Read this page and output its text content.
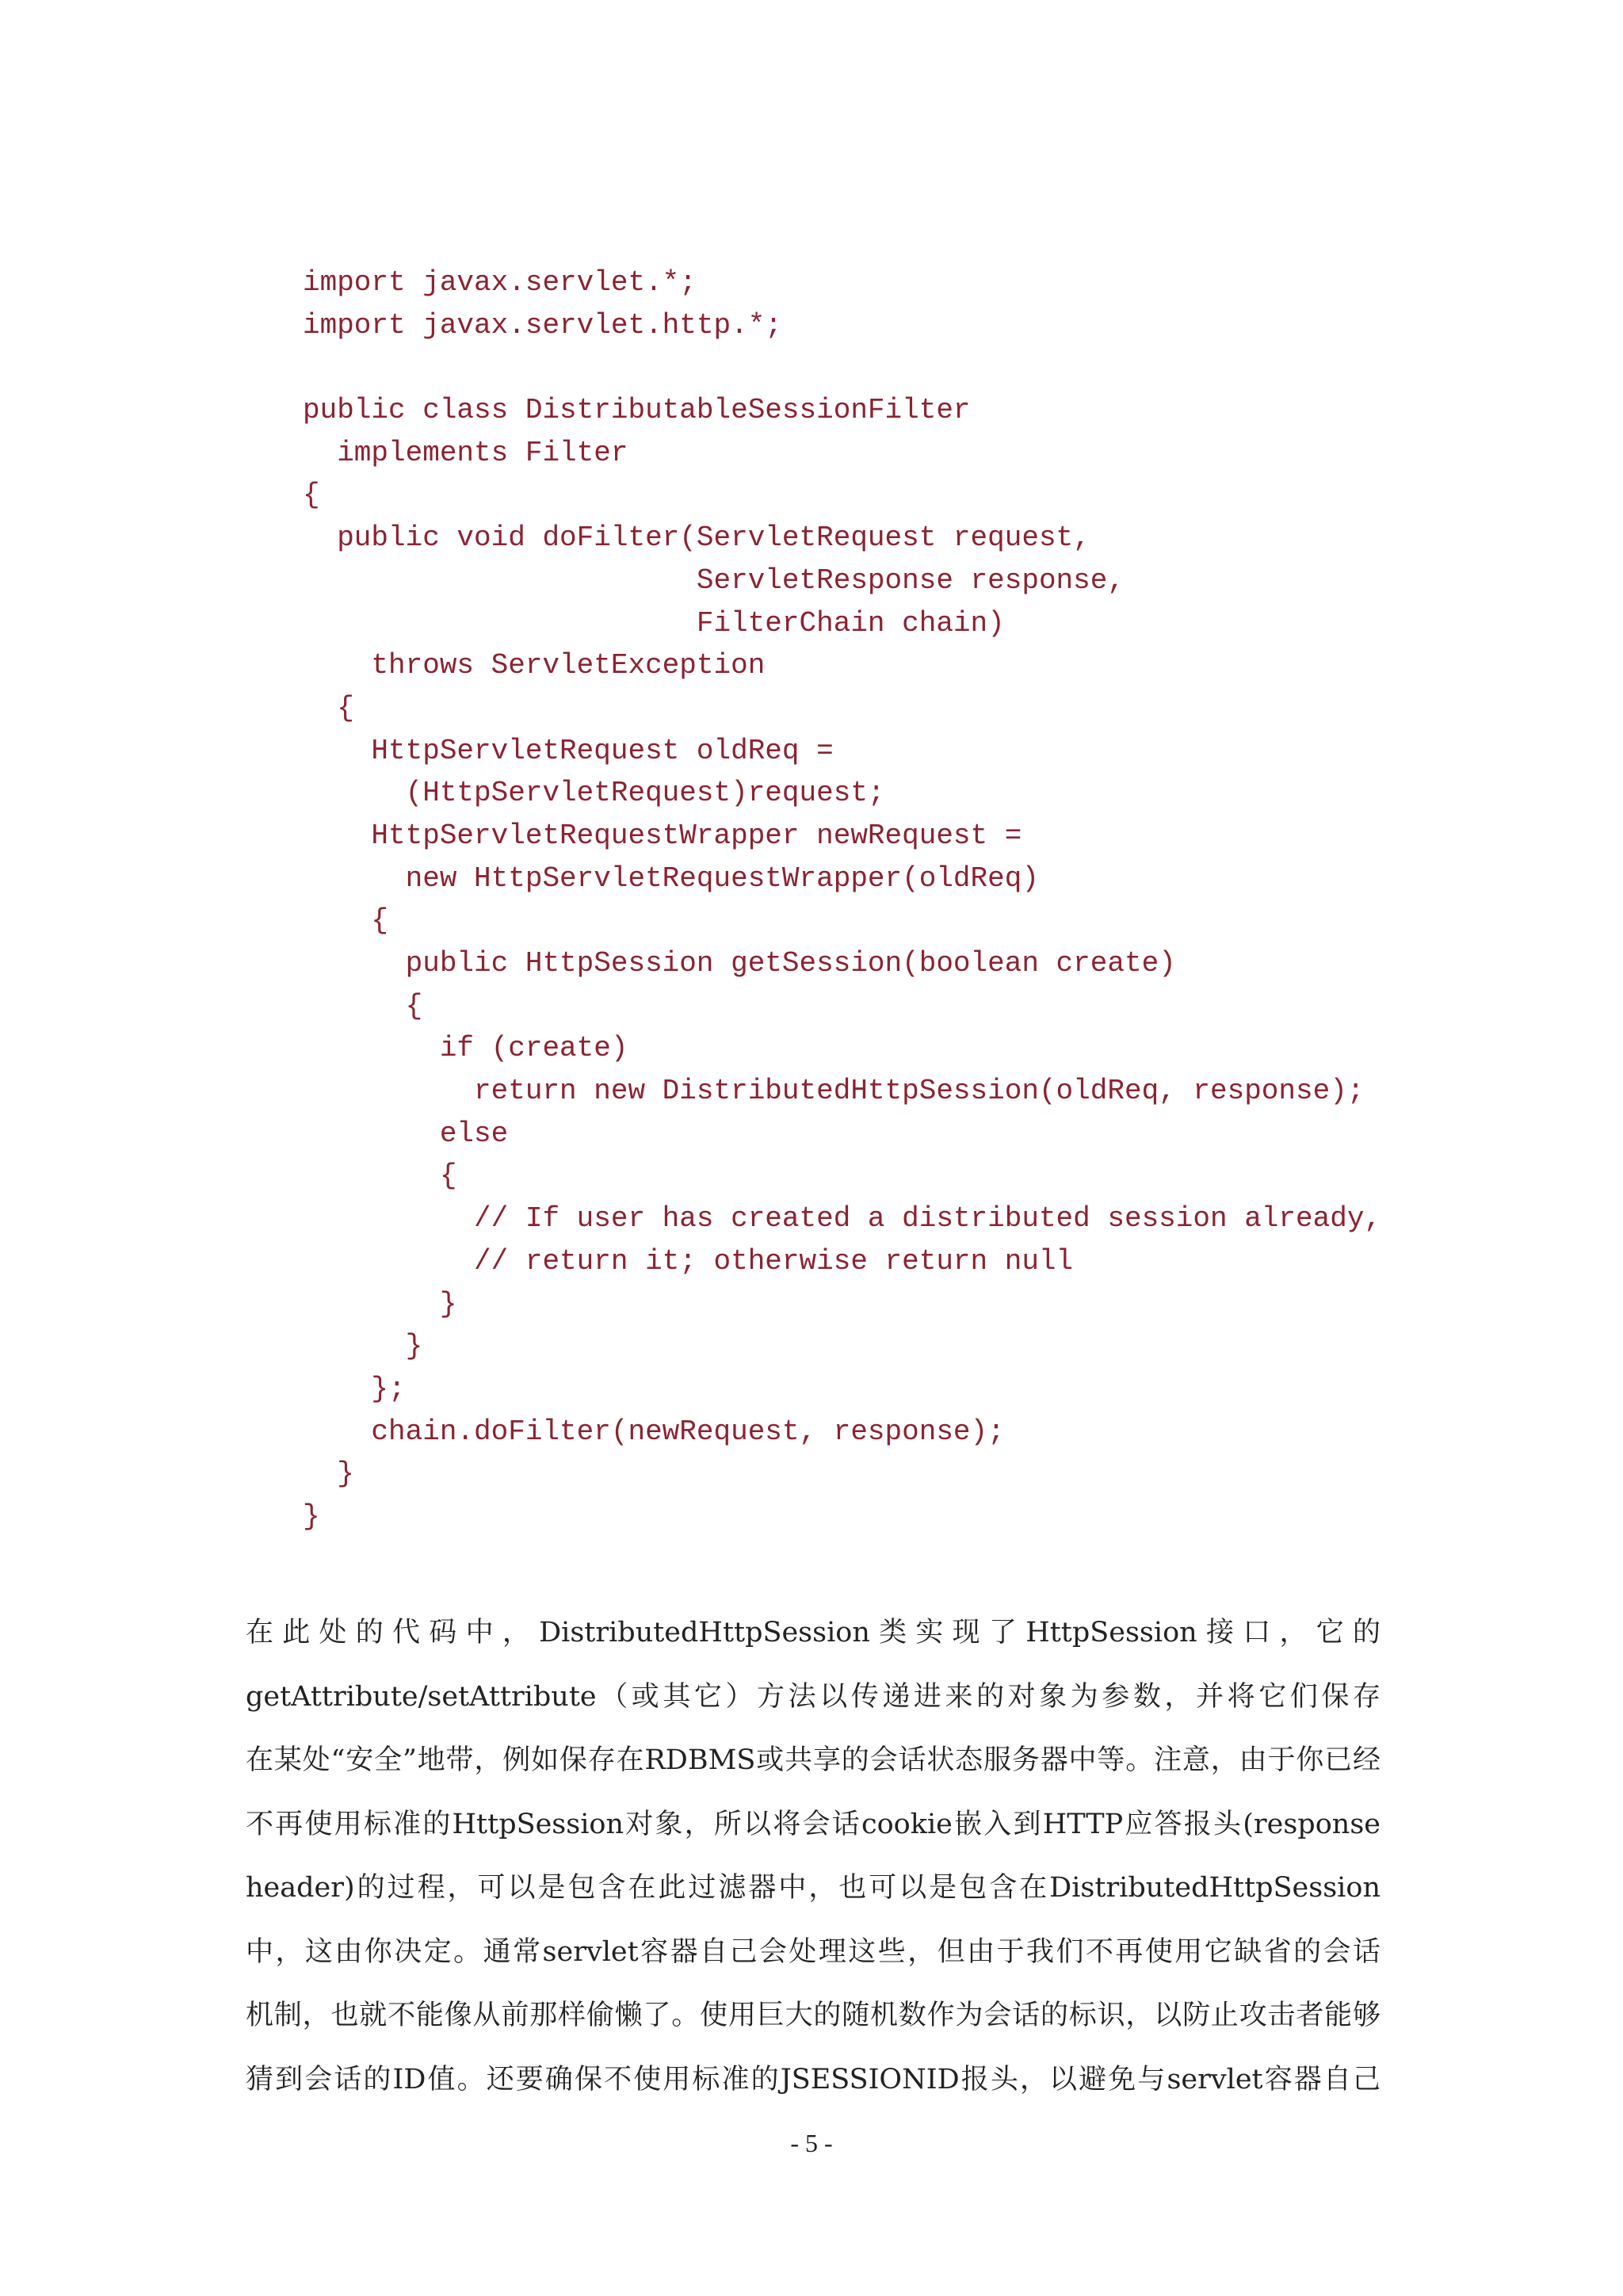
import javax.servlet.*;
import javax.servlet.http.*;
public class DistributableSessionFilter
implements Filter
{
public void doFilter(ServletRequest request,
ServletResponse response,
FilterChain chain)
throws ServletException
{
HttpServletRequest oldReq =
(HttpServletRequest)request;
HttpServletRequestWrapper newRequest =
new HttpServletRequestWrapper(oldReq)
{
public HttpSession getSession(boolean create)
{
if (create)
return new DistributedHttpSession(oldReq, response);
else
{
// If user has created a distributed session already,
// return it; otherwise return null
}
}
};
chain.doFilter(newRequest, response);
}
}
在此处的代码中，DistributedHttpSession类实现了HttpSession接口，它的
getAttribute/setAttribute（或其它）方法以传递进来的对象为参数，并将它们保存
在某处“安全”地带，例如保存在RDBMS或共享的会话状态服务器中等。注意，由于你已经
不再使用标准的HttpSession对象，所以将会话cookie嵌入到HTTP应答报头(response
header)的过程，可以是包含在此过滤器中，也可以是包含在DistributedHttpSession
中，这由你决定。通常servlet容器自己会处理这些，但由于我们不再使用它缺省的会话
机制，也就不能像从前那样偷懒了。使用巨大的随机数作为会话的标识，以防止攻击者能够
猜到会话的ID值。还要确保不使用标准的JSESSIONID报头，以避免与servlet容器自己
- 5 -
